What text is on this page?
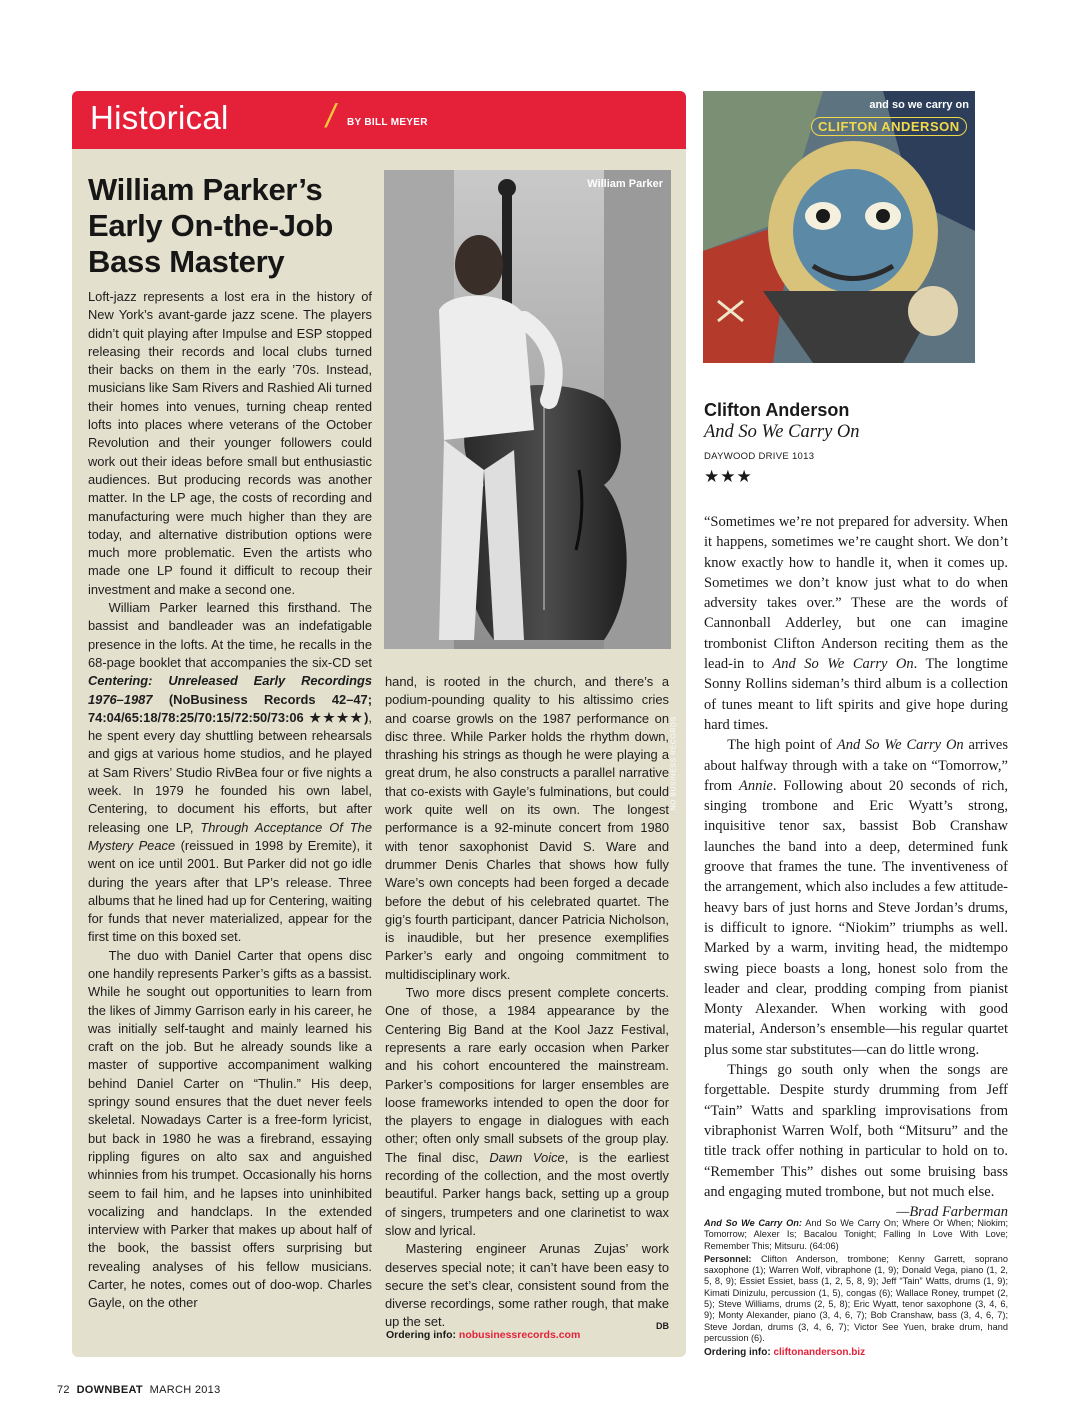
Historical	/ BY BILL MEYER
William Parker’s Early On-the-Job Bass Mastery

Loft-jazz represents a lost era in the history of New York’s avant-garde jazz scene. The players didn’t quit playing after Impulse and ESP stopped releasing their records and local clubs turned their backs on them in the early ’70s. Instead, musicians like Sam Rivers and Rashied Ali turned their homes into venues, turning cheap rented lofts into places where veterans of the October Revolution and their younger followers could work out their ideas before small but enthusiastic audiences. But producing records was another matter. In the LP age, the costs of recording and manufacturing were much higher than they are today, and alternative distribution options were much more problematic. Even the artists who made one LP found it difficult to recoup their investment and make a second one.

William Parker learned this firsthand. The bassist and bandleader was an indefatigable presence in the lofts. At the time, he recalls in the 68-page booklet that accompanies the six-CD set Centering: Unreleased Early Recordings 1976–1987 (NoBusiness Records 42–47; 74:04/65:18/78:25/70:15/72:50/73:06 ★★★★), he spent every day shuttling between rehearsals and gigs at various home studios, and he played at Sam Rivers’ Studio RivBea four or five nights a week. In 1979 he founded his own label, Centering, to document his efforts, but after releasing one LP, Through Acceptance Of The Mystery Peace (reissued in 1998 by Eremite), it went on ice until 2001. But Parker did not go idle during the years after that LP’s release. Three albums that he lined had up for Centering, waiting for funds that never materialized, appear for the first time on this boxed set.

The duo with Daniel Carter that opens disc one handily represents Parker’s gifts as a bassist. While he sought out opportunities to learn from the likes of Jimmy Garrison early in his career, he was initially self-taught and mainly learned his craft on the job. But he already sounds like a master of supportive accompaniment walking behind Daniel Carter on “Thulin.” His deep, springy sound ensures that the duet never feels skeletal. Nowadays Carter is a free-form lyricist, but back in 1980 he was a firebrand, essaying rippling figures on alto sax and anguished whinnies from his trumpet. Occasionally his horns seem to fail him, and he lapses into uninhibited vocalizing and handclaps. In the extended interview with Parker that makes up about half of the book, the bassist offers surprising but revealing analyses of his fellow musicians. Carter, he notes, comes out of doo-wop. Charles Gayle, on the other

William Parker
NO BUSINESS RECORDS

hand, is rooted in the church, and there’s a podium-pounding quality to his altissimo cries and coarse growls on the 1987 performance on disc three. While Parker holds the rhythm down, thrashing his strings as though he were playing a great drum, he also constructs a parallel narrative that co-exists with Gayle’s fulminations, but could work quite well on its own. The longest performance is a 92-minute concert from 1980 with tenor saxophonist David S. Ware and drummer Denis Charles that shows how fully Ware’s own concepts had been forged a decade before the debut of his celebrated quartet. The gig’s fourth participant, dancer Patricia Nicholson, is inaudible, but her presence exemplifies Parker’s early and ongoing commitment to multidisciplinary work.

Two more discs present complete concerts. One of those, a 1984 appearance by the Centering Big Band at the Kool Jazz Festival, represents a rare early occasion when Parker and his cohort encountered the mainstream. Parker’s compositions for larger ensembles are loose frameworks intended to open the door for the players to engage in dialogues with each other; often only small subsets of the group play. The final disc, Dawn Voice, is the earliest recording of the collection, and the most overtly beautiful. Parker hangs back, setting up a group of singers, trumpeters and one clarinetist to wax slow and lyrical.

Mastering engineer Arunas Zujas’ work deserves special note; it can’t have been easy to secure the set’s clear, consistent sound from the diverse recordings, some rather rough, that make up the set.	DB

Ordering info: nobusinessrecords.com
and so we carry on
CLIFTON ANDERSON
Clifton Anderson
And So We Carry On
DAYWOOD DRIVE 1013
★★★

“Sometimes we’re not prepared for adversity. When it happens, sometimes we’re caught short. We don’t know exactly how to handle it, when it comes up. Sometimes we don’t know just what to do when adversity takes over.” These are the words of Cannonball Adderley, but one can imagine trombonist Clifton Anderson reciting them as the lead-in to And So We Carry On. The longtime Sonny Rollins sideman’s third album is a collection of tunes meant to lift spirits and give hope during hard times.

The high point of And So We Carry On arrives about halfway through with a take on “Tomorrow,” from Annie. Following about 20 seconds of rich, singing trombone and Eric Wyatt’s strong, inquisitive tenor sax, bassist Bob Cranshaw launches the band into a deep, determined funk groove that frames the tune. The inventiveness of the arrangement, which also includes a few attitude-heavy bars of just horns and Steve Jordan’s drums, is difficult to ignore. “Niokim” triumphs as well. Marked by a warm, inviting head, the midtempo swing piece boasts a long, honest solo from the leader and clear, prodding comping from pianist Monty Alexander. When working with good material, Anderson’s ensemble—his regular quartet plus some star substitutes—can do little wrong.

Things go south only when the songs are forgettable. Despite sturdy drumming from Jeff “Tain” Watts and sparkling improvisations from vibraphonist Warren Wolf, both “Mitsuru” and the title track offer nothing in particular to hold on to. “Remember This” dishes out some bruising bass and engaging muted trombone, but not much else.
—Brad Farberman

And So We Carry On: And So We Carry On; Where Or When; Niokim; Tomorrow; Alexer Is; Bacalou Tonight; Falling In Love With Love; Remember This; Mitsuru. (64:06)

Personnel: Clifton Anderson, trombone; Kenny Garrett, soprano saxophone (1); Warren Wolf, vibraphone (1, 9); Donald Vega, piano (1, 2, 5, 8, 9); Essiet Essiet, bass (1, 2, 5, 8, 9); Jeff “Tain” Watts, drums (1, 9); Kimati Dinizulu, percussion (1, 5), congas (6); Wallace Roney, trumpet (2, 5); Steve Williams, drums (2, 5, 8); Eric Wyatt, tenor saxophone (3, 4, 6, 9); Monty Alexander, piano (3, 4, 6, 7); Bob Cranshaw, bass (3, 4, 6, 7); Steve Jordan, drums (3, 4, 6, 7); Victor See Yuen, brake drum, hand percussion (6).

Ordering info: cliftonanderson.biz

72 DOWNBEAT MARCH 2013
